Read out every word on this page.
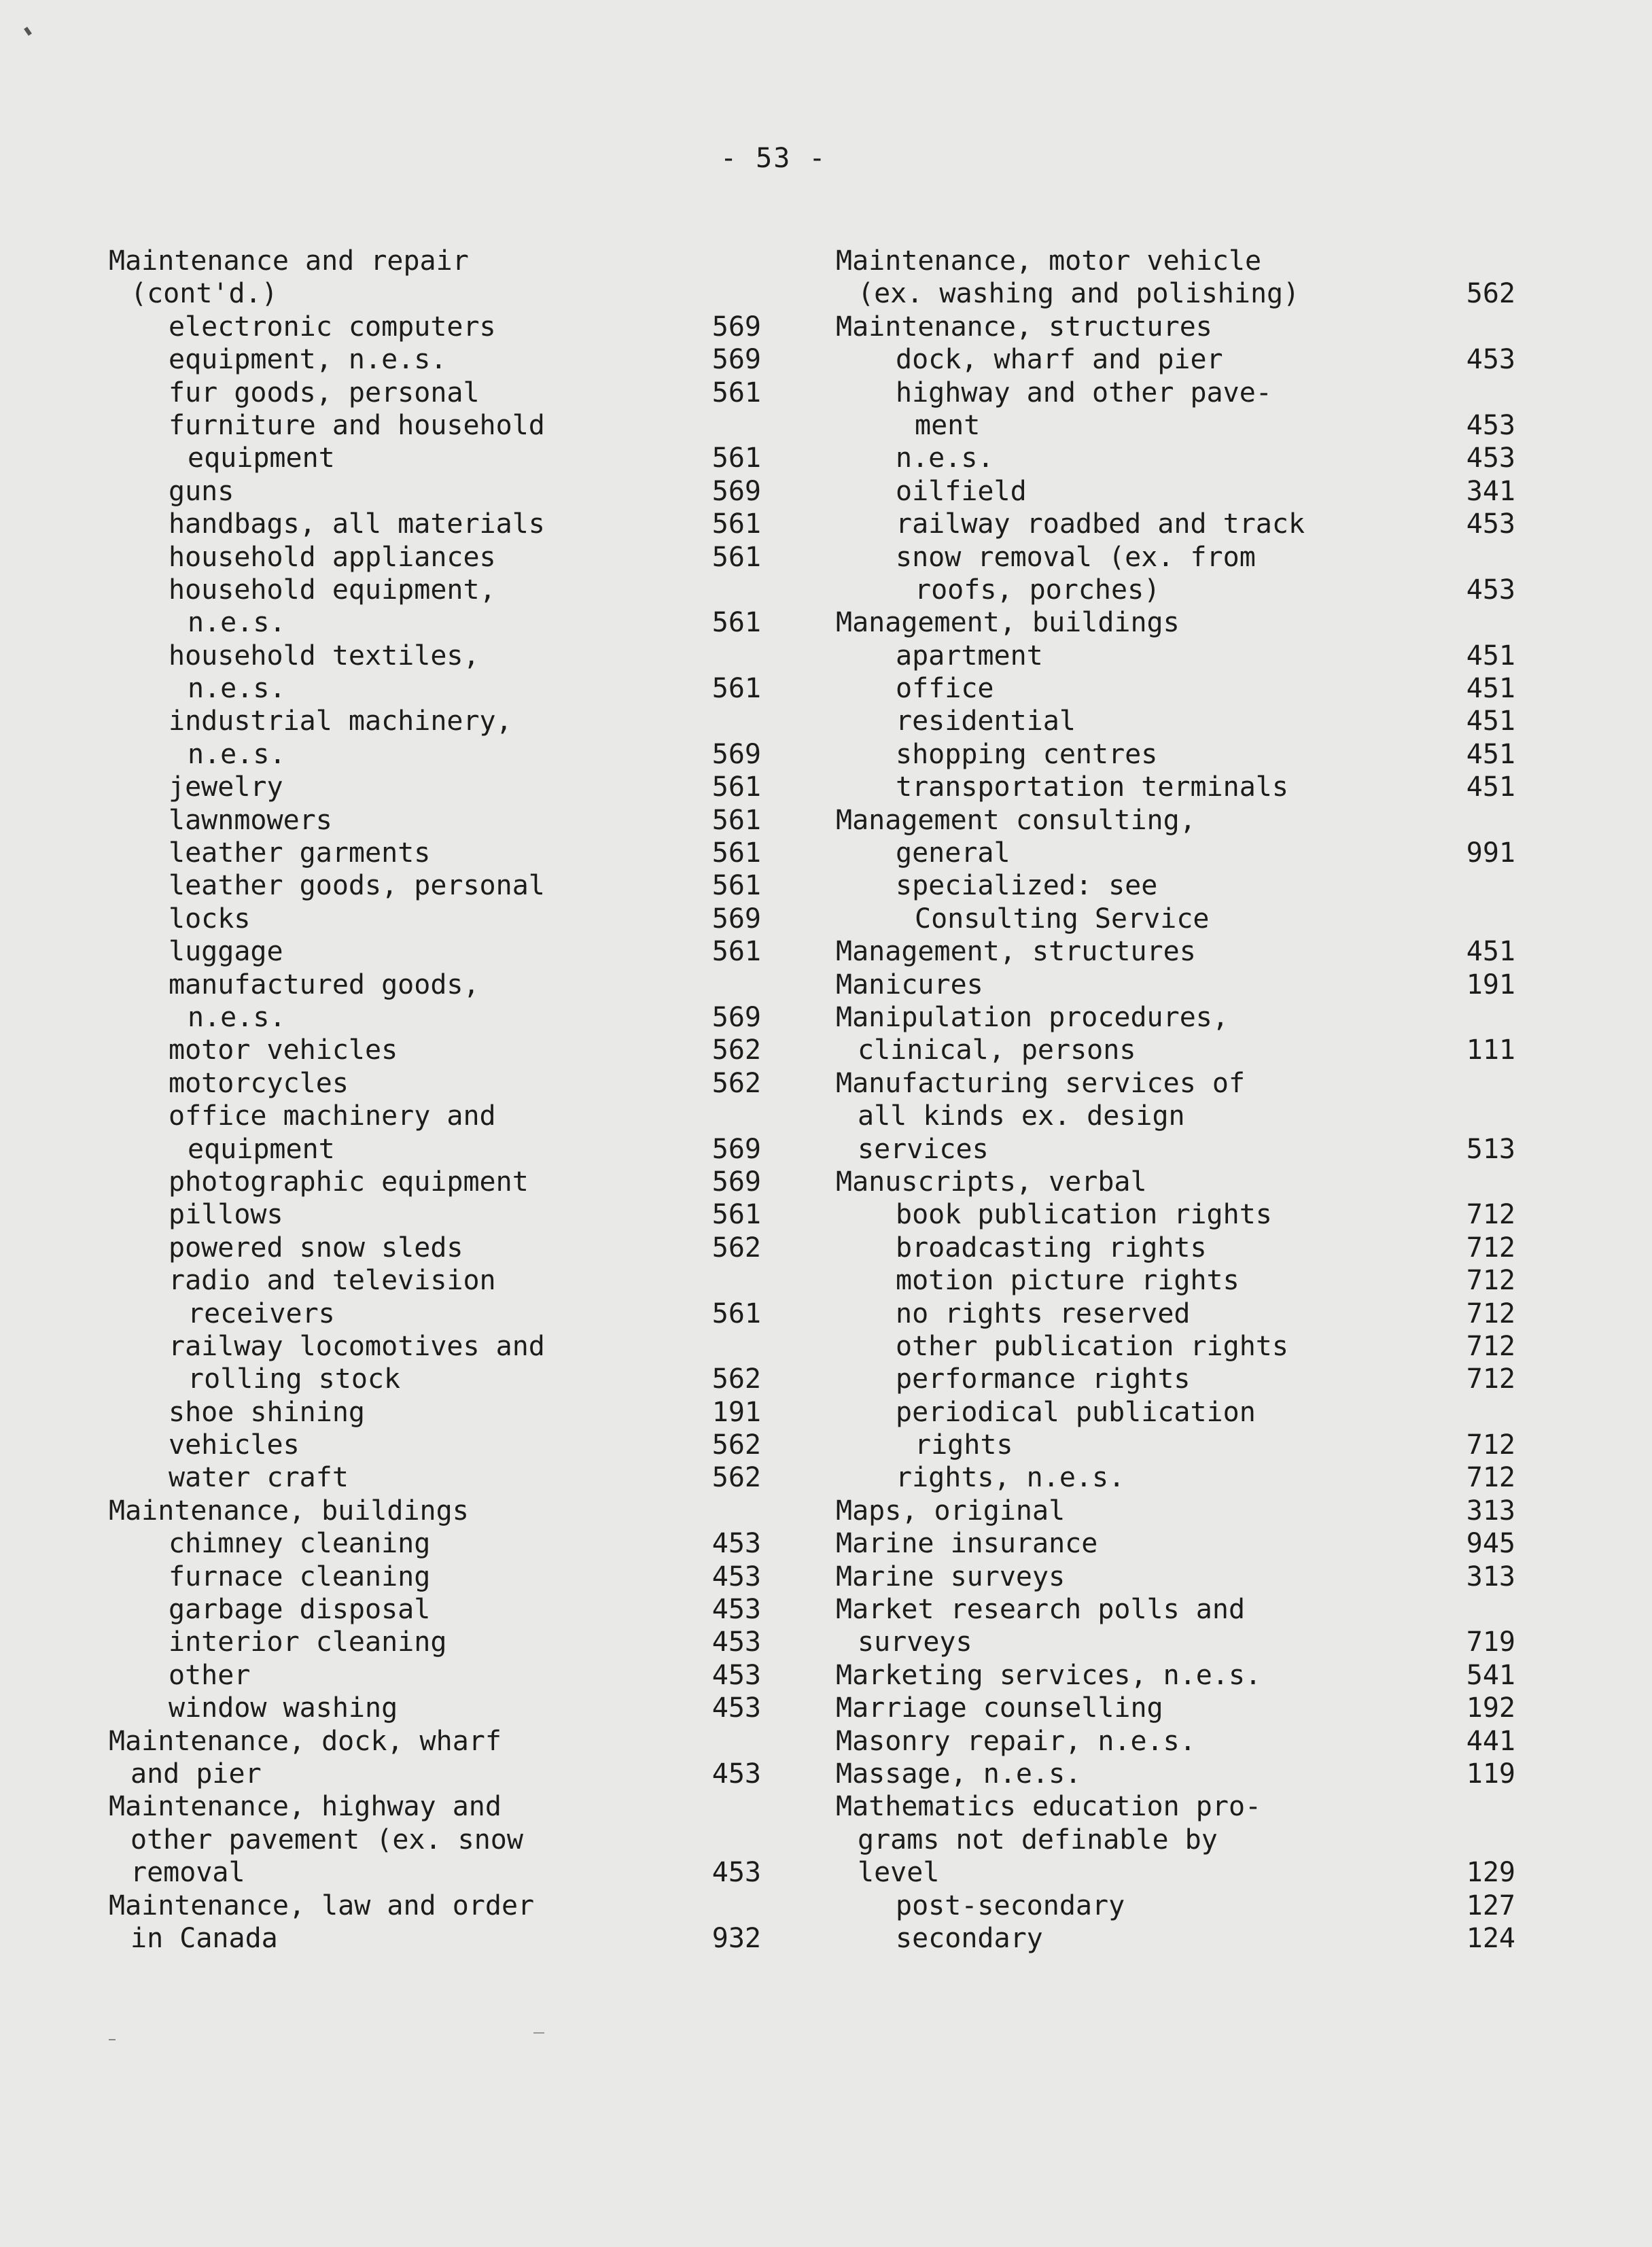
- 53 -
Maintenance and repair
(cont'd.)
electronic computers	569
equipment, n.e.s.	569
fur goods, personal	561
furniture and household
equipment	561
guns	569
handbags, all materials	561
household appliances	561
household equipment,
n.e.s.	561
household textiles,
n.e.s.	561
industrial machinery,
n.e.s.	569
jewelry	561
lawnmowers	561
leather garments	561
leather goods, personal	561
locks	569
luggage	561
manufactured goods,
n.e.s.	569
motor vehicles	562
motorcycles	562
office machinery and
equipment	569
photographic equipment	569
pillows	561
powered snow sleds	562
radio and television
receivers	561
railway locomotives and
rolling stock	562
shoe shining	191
vehicles	562
water craft	562
Maintenance, buildings
chimney cleaning	453
furnace cleaning	453
garbage disposal	453
interior cleaning	453
other	453
window washing	453
Maintenance, dock, wharf
and pier	453
Maintenance, highway and
other pavement (ex. snow
removal	453
Maintenance, law and order
in Canada	932
Maintenance, motor vehicle
(ex. washing and polishing)	562
Maintenance, structures
dock, wharf and pier	453
highway and other pave-
ment	453
n.e.s.	453
oilfield	341
railway roadbed and track	453
snow removal (ex. from
roofs, porches)	453
Management, buildings
apartment	451
office	451
residential	451
shopping centres	451
transportation terminals	451
Management consulting,
general	991
specialized: see
Consulting Service
Management, structures	451
Manicures	191
Manipulation procedures,
clinical, persons	111
Manufacturing services of
all kinds ex. design
services	513
Manuscripts, verbal
book publication rights	712
broadcasting rights	712
motion picture rights	712
no rights reserved	712
other publication rights	712
performance rights	712
periodical publication
rights	712
rights, n.e.s.	712
Maps, original	313
Marine insurance	945
Marine surveys	313
Market research polls and
surveys	719
Marketing services, n.e.s.	541
Marriage counselling	192
Masonry repair, n.e.s.	441
Massage, n.e.s.	119
Mathematics education pro-
grams not definable by
level	129
post-secondary	127
secondary	124
